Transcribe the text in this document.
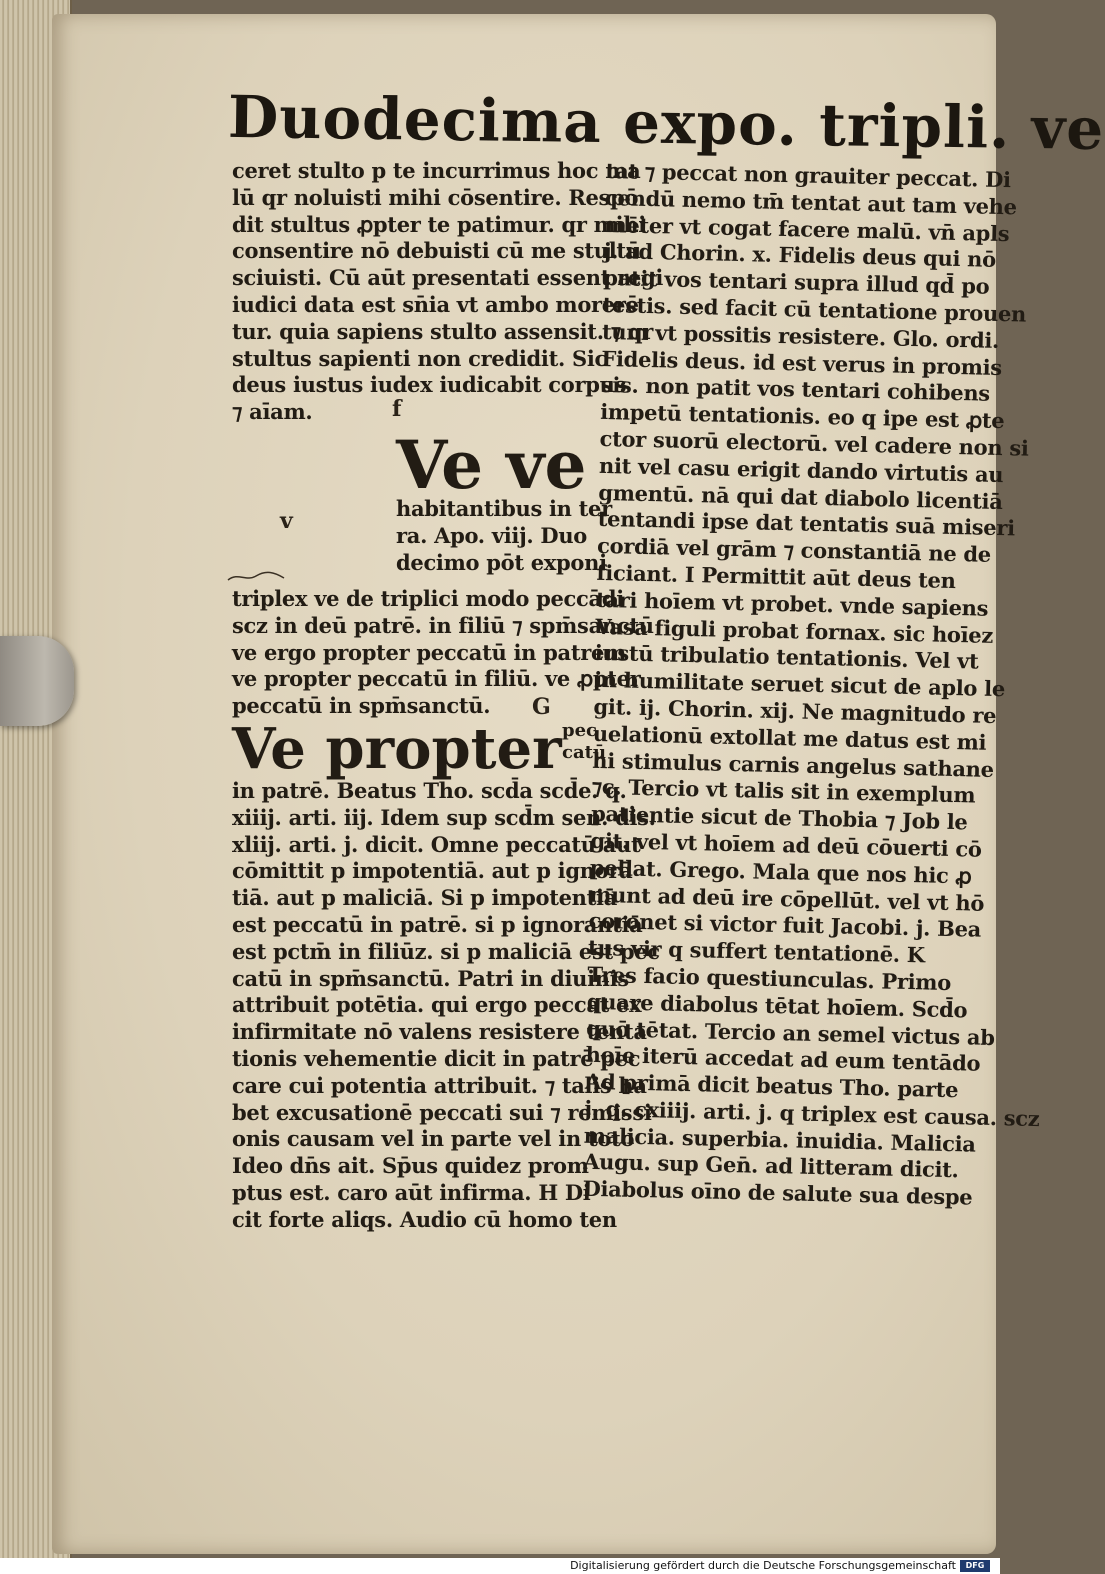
Duodecima expo. tripli. ve
ceret stulto p te incurrimus hoc ma
lū qr noluisti mihi cōsentire. Respō
dit stultus ꝓpter te patimur. qr mihi
consentire nō debuisti cū me stultū
sciuisti. Cū aūt presentati essent regi
iudici data est sn̄ia vt ambo morerē
tur. quia sapiens stulto assensit. ⁊ qr
stultus sapienti non credidit. Sic
deus iustus iudex iudicabit corpus
⁊ aīam.	f
Ve ve
v	habitantibus in ter
ra. Apo. viij. Duo
decimo pōt exponi
triplex ve de triplici modo peccādi
scz in deū patrē. in filiū ⁊ spm̄sanctū
ve ergo propter peccatū in patrem
ve propter peccatū in filiū. ve ꝓpter
peccatū in spm̄sanctū.	G
Ve propter pec
catū
in patrē. Beatus Tho. scd̄a scd̄e. q.
xiiij. arti. iij. Idem sup scd̄m sen. dis.
xliij. arti. j. dicit. Omne peccatū aut
cōmittit p impotentiā. aut p ignorā
tiā. aut p maliciā. Si p impotentiā
est peccatū in patrē. si p ignorantiā
est pctm̄ in filiūz. si p maliciā est pec
catū in spm̄sanctū. Patri in diuinis
attribuit potētia. qui ergo peccat ex
infirmitate nō valens resistere tenta
tionis vehementie dicit in patrē pec
care cui potentia attribuit. ⁊ talis ha
bet excusationē peccati sui ⁊ remissi
onis causam vel in parte vel in toto
Ideo dn̄s ait. Sp̄us quidez prom
ptus est. caro aūt infirma. H Di
cit forte aliqs. Audio cū homo ten
tat ⁊ peccat non grauiter peccat. Di
cendū nemo tm̄ tentat aut tam vehe
mēter vt cogat facere malū. vn̄ apls
j. ad Chorin. x. Fidelis deus qui nō
patit vos tentari supra illud qd̄ po
testis. sed facit cū tentatione prouen
tum vt possitis resistere. Glo. ordi.
Fidelis deus. id est verus in promis
sis. non patit vos tentari cohibens
impetū tentationis. eo q ipe est ꝓte
ctor suorū electorū. vel cadere non si
nit vel casu erigit dando virtutis au
gmentū. nā qui dat diabolo licentiā
tentandi ipse dat tentatis suā miseri
cordiā vel grām ⁊ constantiā ne de
ficiant. I Permittit aūt deus ten
tari hoīem vt probet. vnde sapiens
Vasa figuli probat fornax. sic hoīez
iustū tribulatio tentationis. Vel vt
in humilitate seruet sicut de aplo le
git. ij. Chorin. xij. Ne magnitudo re
uelationū extollat me datus est mi
hi stimulus carnis angelus sathane
⁊c. Tercio vt talis sit in exemplum
patientie sicut de Thobia ⁊ Job le
git. vel vt hoīem ad deū cōuerti cō
pellat. Grego. Mala que nos hic ꝓ
munt ad deū ire cōpellūt. vel vt hō
coronet si victor fuit Jacobi. j. Bea
tus vir q suffert tentationē. K
Tres facio questiunculas. Primo
quare diabolus tētat hoīem. Scd̄o
quō tētat. Tercio an semel victus ab
hoīe iterū accedat ad eum tentādo
Ad primā dicit beatus Tho. parte
j. q. cxiiij. arti. j. q triplex est causa. scz
malicia. superbia. inuidia. Malicia
Augu. sup Gen̄. ad litteram dicit.
Diabolus oīno de salute sua despe
Digitalisierung gefördert durch die Deutsche Forschungsgemeinschaft	DFG
